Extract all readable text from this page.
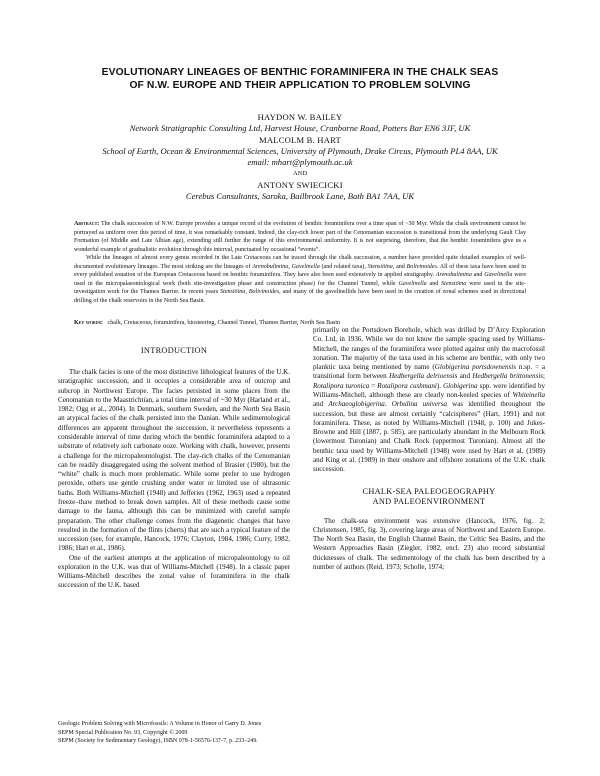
EVOLUTIONARY LINEAGES OF BENTHIC FORAMINIFERA IN THE CHALK SEAS
OF N.W. EUROPE AND THEIR APPLICATION TO PROBLEM SOLVING
HAYDON W. BAILEY
Network Stratigraphic Consulting Ltd, Harvest House, Cranborne Road, Potters Bar EN6 3JF, UK
MALCOLM B. HART
School of Earth, Ocean & Environmental Sciences, University of Plymouth, Drake Circus, Plymouth PL4 8AA, UK
email: mhart@plymouth.ac.uk
AND
ANTONY SWIECICKI
Cerebus Consultants, Saroka, Bailbrook Lane, Bath BA1 7AA, UK

Abstract: The chalk succession of N.W. Europe provides a unique record of the evolution of benthic foraminifera over a time span of ~30 Myr. While the chalk environment cannot be portrayed as uniform over this period of time, it was remarkably constant. Indeed, the clay-rich lower part of the Cenomanian succession is transitional from the underlying Gault Clay Formation (of Middle and Late Albian age), extending still further the range of this environmental uniformity. It is not surprising, therefore, that the benthic foraminifera give us a wonderful example of gradualistic evolution through this interval, punctuated by occasional “events”.

While the lineages of almost every genus recorded in the Late Cretaceous can be traced through the chalk succession, a number have provided quite detailed examples of well-documented evolutionary lineages. The most striking are the lineages of Arenobulimina, Gavelinella (and related taxa), Stensiöina, and Bolivinoides. All of these taxa have been used in every published zonation of the European Cretaceous based on benthic foraminifera. They have also been used extensively in applied stratigraphy. Arenobulimina and Gavelinella were used in the micropalaeontological work (both site-investigation phase and construction phase) for the Channel Tunnel, while Gavelinella and Stensiöina were used in the site-investigation work for the Thames Barrier. In recent years Stensiöina, Bolivinoides, and many of the gavelinellids have been used in the creation of zonal schemes used in directional drilling of the chalk reservoirs in the North Sea Basin.

Key words: chalk, Cretaceous, foraminifera, biosteering, Channel Tunnel, Thames Barrier, North Sea Basin
INTRODUCTION

The chalk facies is one of the most distinctive lithological features of the U.K. stratigraphic succession, and it occupies a considerable area of outcrop and subcrop in Northwest Europe. The facies persisted in some places from the Cenomanian to the Maastrichtian, a total time interval of ~30 Myr (Harland et al., 1982; Ogg et al., 2004). In Denmark, southern Sweden, and the North Sea Basin an atypical facies of the chalk persisted into the Danian. While sedimentological differences are apparent throughout the succession, it nevertheless represents a considerable interval of time during which the benthic foraminifera adapted to a substrate of relatively soft carbonate ooze. Working with chalk, however, presents a challenge for the micropaleontologist. The clay-rich chalks of the Cenomanian can be readily disaggregated using the solvent method of Brasier (1980), but the “white” chalk is much more problematic. While some prefer to use hydrogen peroxide, others use gentle crushing under water or limited use of ultrasonic baths. Both Williams-Mitchell (1948) and Jefferies (1962, 1963) used a repeated freeze–thaw method to break down samples. All of these methods cause some damage to the fauna, although this can be minimized with careful sample preparation. The other challenge comes from the diagenetic changes that have resulted in the formation of the flints (cherts) that are such a typical feature of the succession (see, for example, Hancock, 1976; Clayton, 1984, 1986; Curry, 1982, 1986; Hart et al., 1986).

One of the earliest attempts at the application of micropaleontology to oil exploration in the U.K. was that of Williams-Mitchell (1948). In a classic paper Williams-Mitchell describes the zonal value of foraminifera in the chalk succession of the U.K. based

primarily on the Portsdown Borehole, which was drilled by D’Arcy Exploration Co. Ltd, in 1936. While we do not know the sample spacing used by Williams-Mitchell, the ranges of the foraminifera were plotted against only the macrofossil zonation. The majority of the taxa used in his scheme are benthic, with only two planktic taxa being mentioned by name (Globigerina portsdownensis n.sp. = a transitional form between Hedbergella delrioensis and Hedbergella brittonensis; Rotalipora turonica = Rotalipora cushmani). Globigerina spp. were identified by Williams-Mitchell, although these are clearly non-keeled species of Whiteinella and Archaeoglobigerina. Orbulina universa was identified throughout the succession, but these are almost certainly “calcispheres” (Hart, 1991) and not foraminifera. These, as noted by Williams-Mitchell (1948, p. 100) and Jukes-Browne and Hill (1887, p. 585), are particularly abundant in the Melbourn Rock (lowermost Turonian) and Chalk Rock (uppermost Turonian). Almost all the benthic taxa used by Williams-Mitchell (1948) were used by Hart et al. (1989) and King et al. (1989) in their onshore and offshore zonations of the U.K. chalk succession.

CHALK-SEA PALEOGEOGRAPHY
AND PALEOENVIRONMENT

The chalk-sea environment was extensive (Hancock, 1976, fig. 2; Christensen, 1985, fig. 3), covering large areas of Northwest and Eastern Europe. The North Sea Basin, the English Channel Basin, the Celtic Sea Basins, and the Western Approaches Basin (Ziegler, 1982, encl. 23) also record substantial thicknesses of chalk. The sedimentology of the chalk has been described by a number of authors (Reid, 1973; Scholle, 1974;

Geologic Problem Solving with Microfossils: A Volume in Honor of Garry D. Jones
SEPM Special Publication No. 93, Copyright © 2009
SEPM (Society for Sedimentary Geology), ISBN 978-1-56576-137-7, p. 233–249.
